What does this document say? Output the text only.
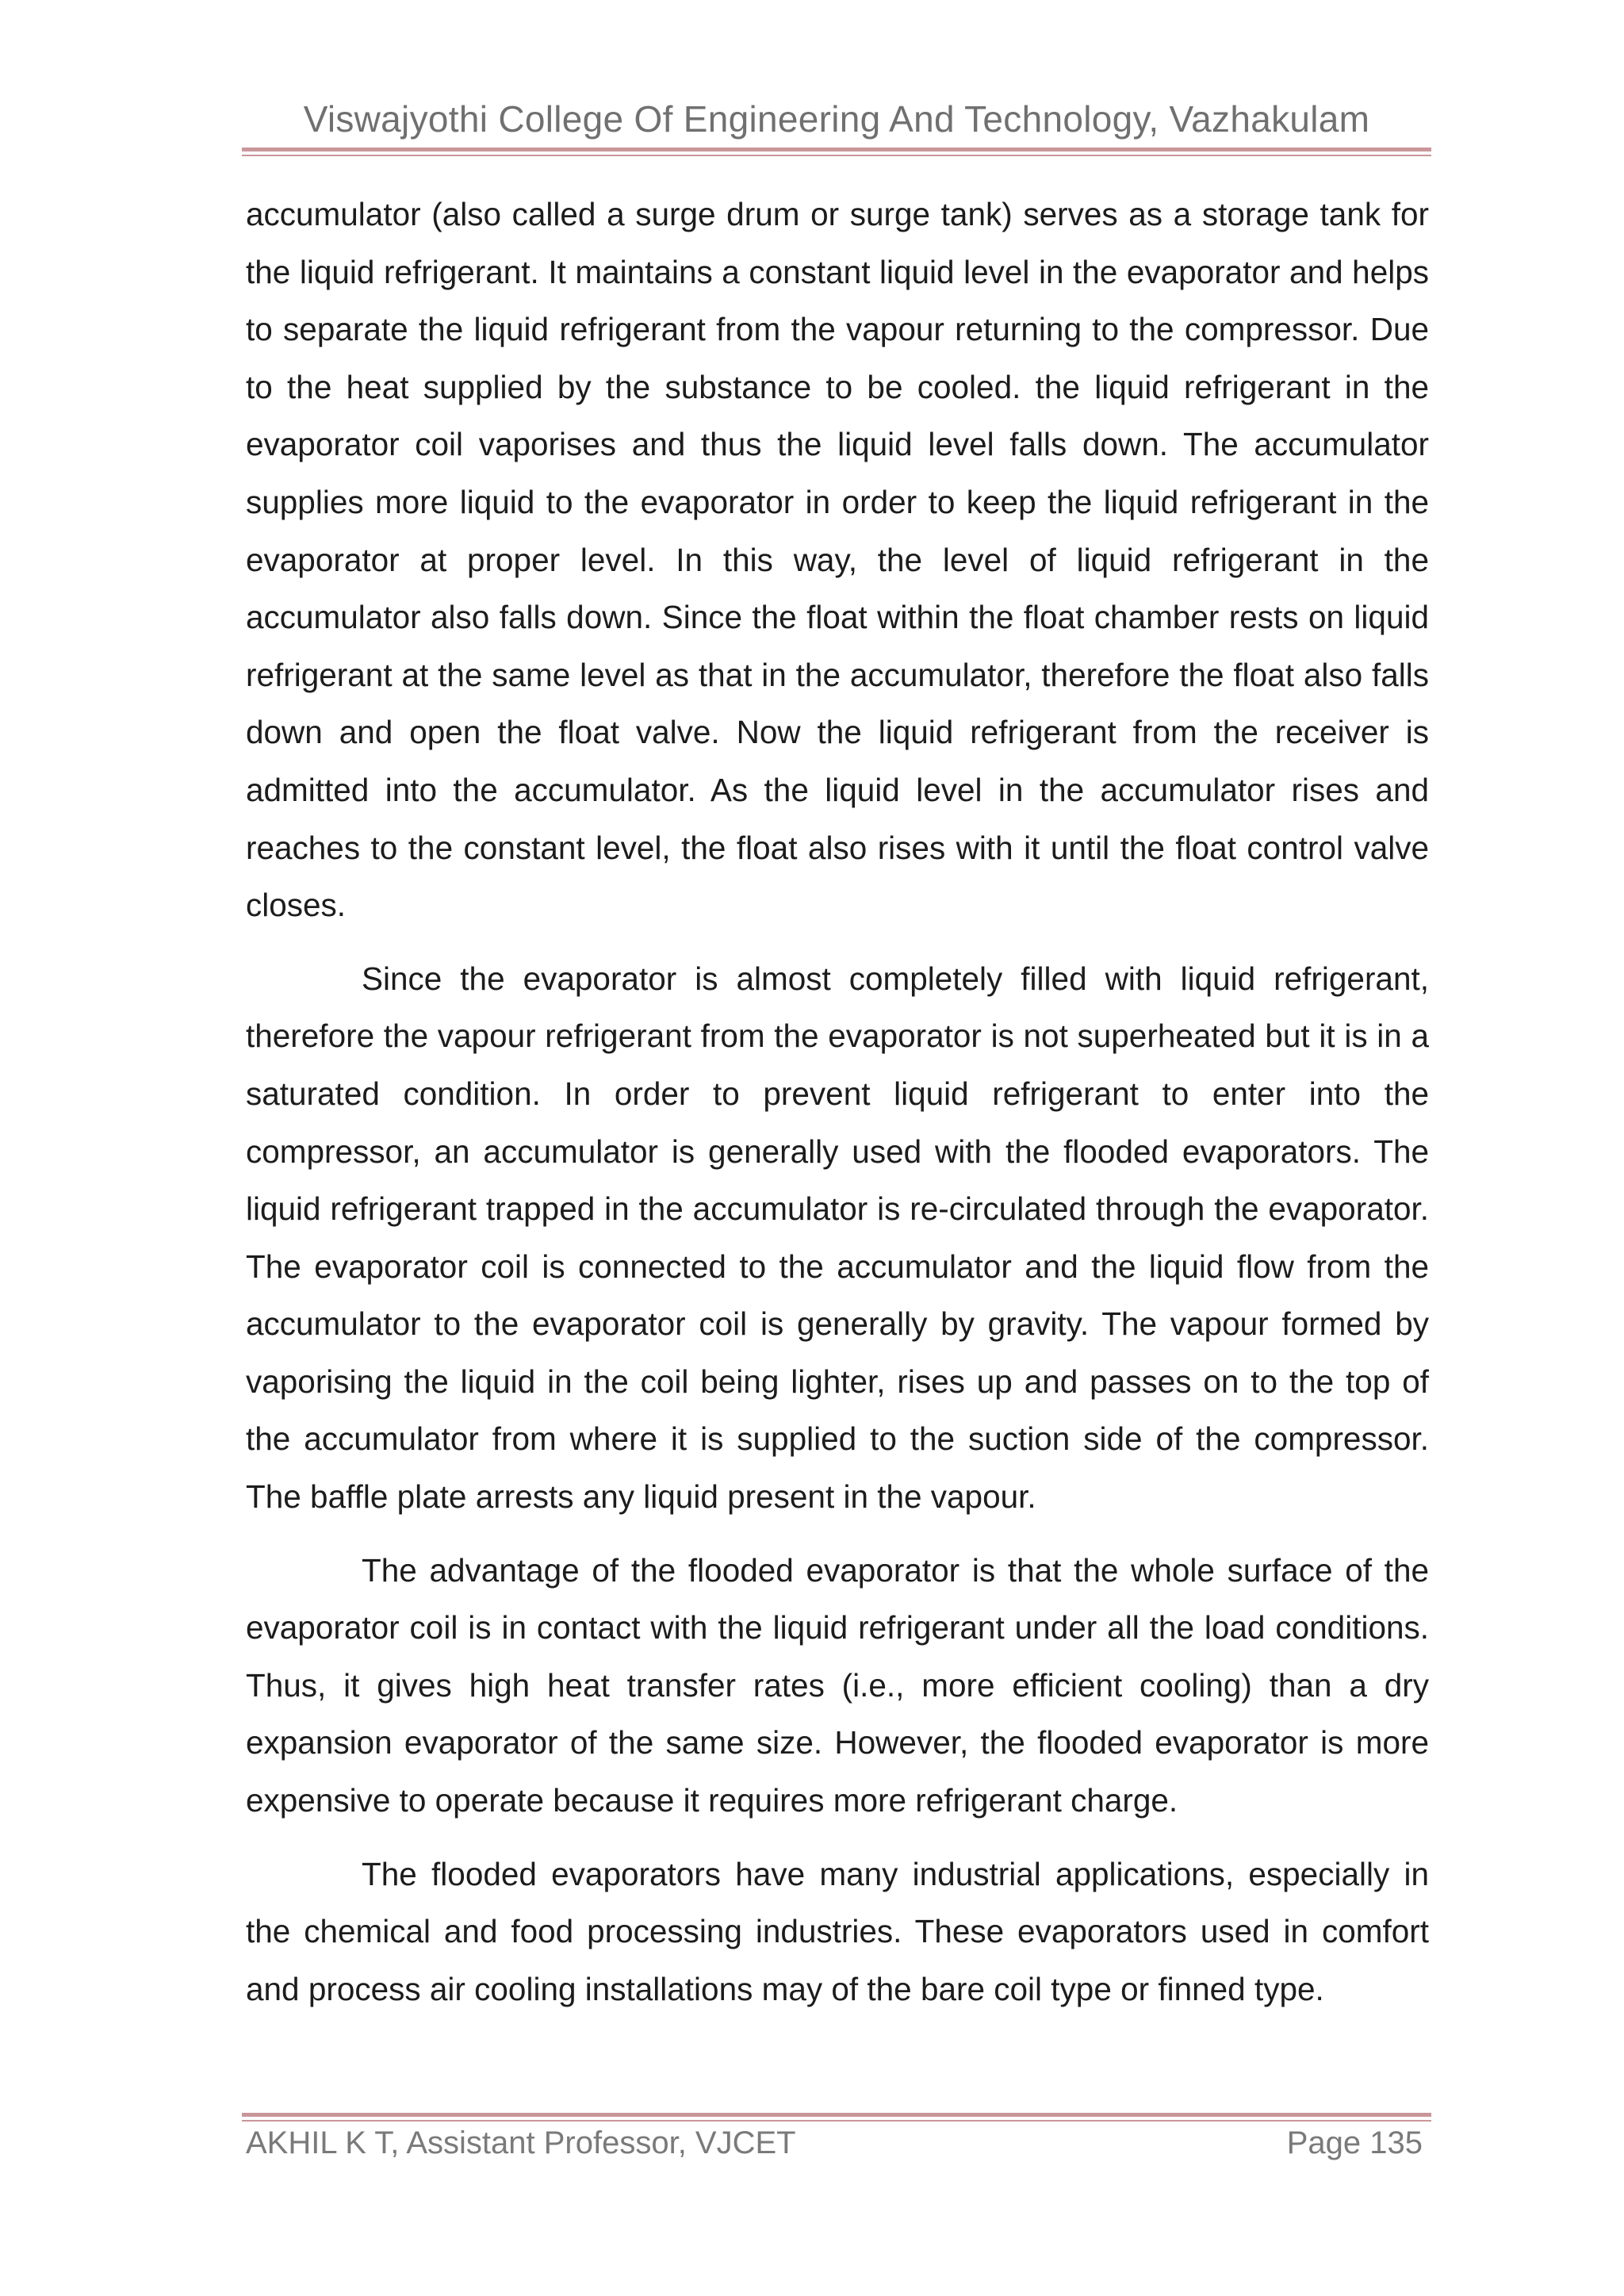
Viswajyothi College Of Engineering And Technology, Vazhakulam

accumulator (also called a surge drum or surge tank) serves as a storage tank for the liquid refrigerant. It maintains a constant liquid level in the evaporator and helps to separate the liquid refrigerant from the vapour returning to the compressor. Due to the heat supplied by the substance to be cooled. the liquid refrigerant in the evaporator coil vaporises and thus the liquid level falls down. The accumulator supplies more liquid to the evaporator in order to keep the liquid refrigerant in the evaporator at proper level. In this way, the level of liquid refrigerant in the accumulator also falls down. Since the float within the float chamber rests on liquid refrigerant at the same level as that in the accumulator, therefore the float also falls down and open the float valve. Now the liquid refrigerant from the receiver is admitted into the accumulator. As the liquid level in the accumulator rises and reaches to the constant level, the float also rises with it until the float control valve closes.

Since the evaporator is almost completely filled with liquid refrigerant, therefore the vapour refrigerant from the evaporator is not superheated but it is in a saturated condition. In order to prevent liquid refrigerant to enter into the compressor, an accumulator is generally used with the flooded evaporators. The liquid refrigerant trapped in the accumulator is re-circulated through the evaporator. The evaporator coil is connected to the accumulator and the liquid flow from the accumulator to the evaporator coil is generally by gravity. The vapour formed by vaporising the liquid in the coil being lighter, rises up and passes on to the top of the accumulator from where it is supplied to the suction side of the compressor. The baffle plate arrests any liquid present in the vapour.

The advantage of the flooded evaporator is that the whole surface of the evaporator coil is in contact with the liquid refrigerant under all the load conditions. Thus, it gives high heat transfer rates (i.e., more efficient cooling) than a dry expansion evaporator of the same size. However, the flooded evaporator is more expensive to operate because it requires more refrigerant charge.

The flooded evaporators have many industrial applications, especially in the chemical and food processing industries. These evaporators used in comfort and process air cooling installations may of the bare coil type or finned type.

AKHIL K T, Assistant Professor, VJCET	Page 135
